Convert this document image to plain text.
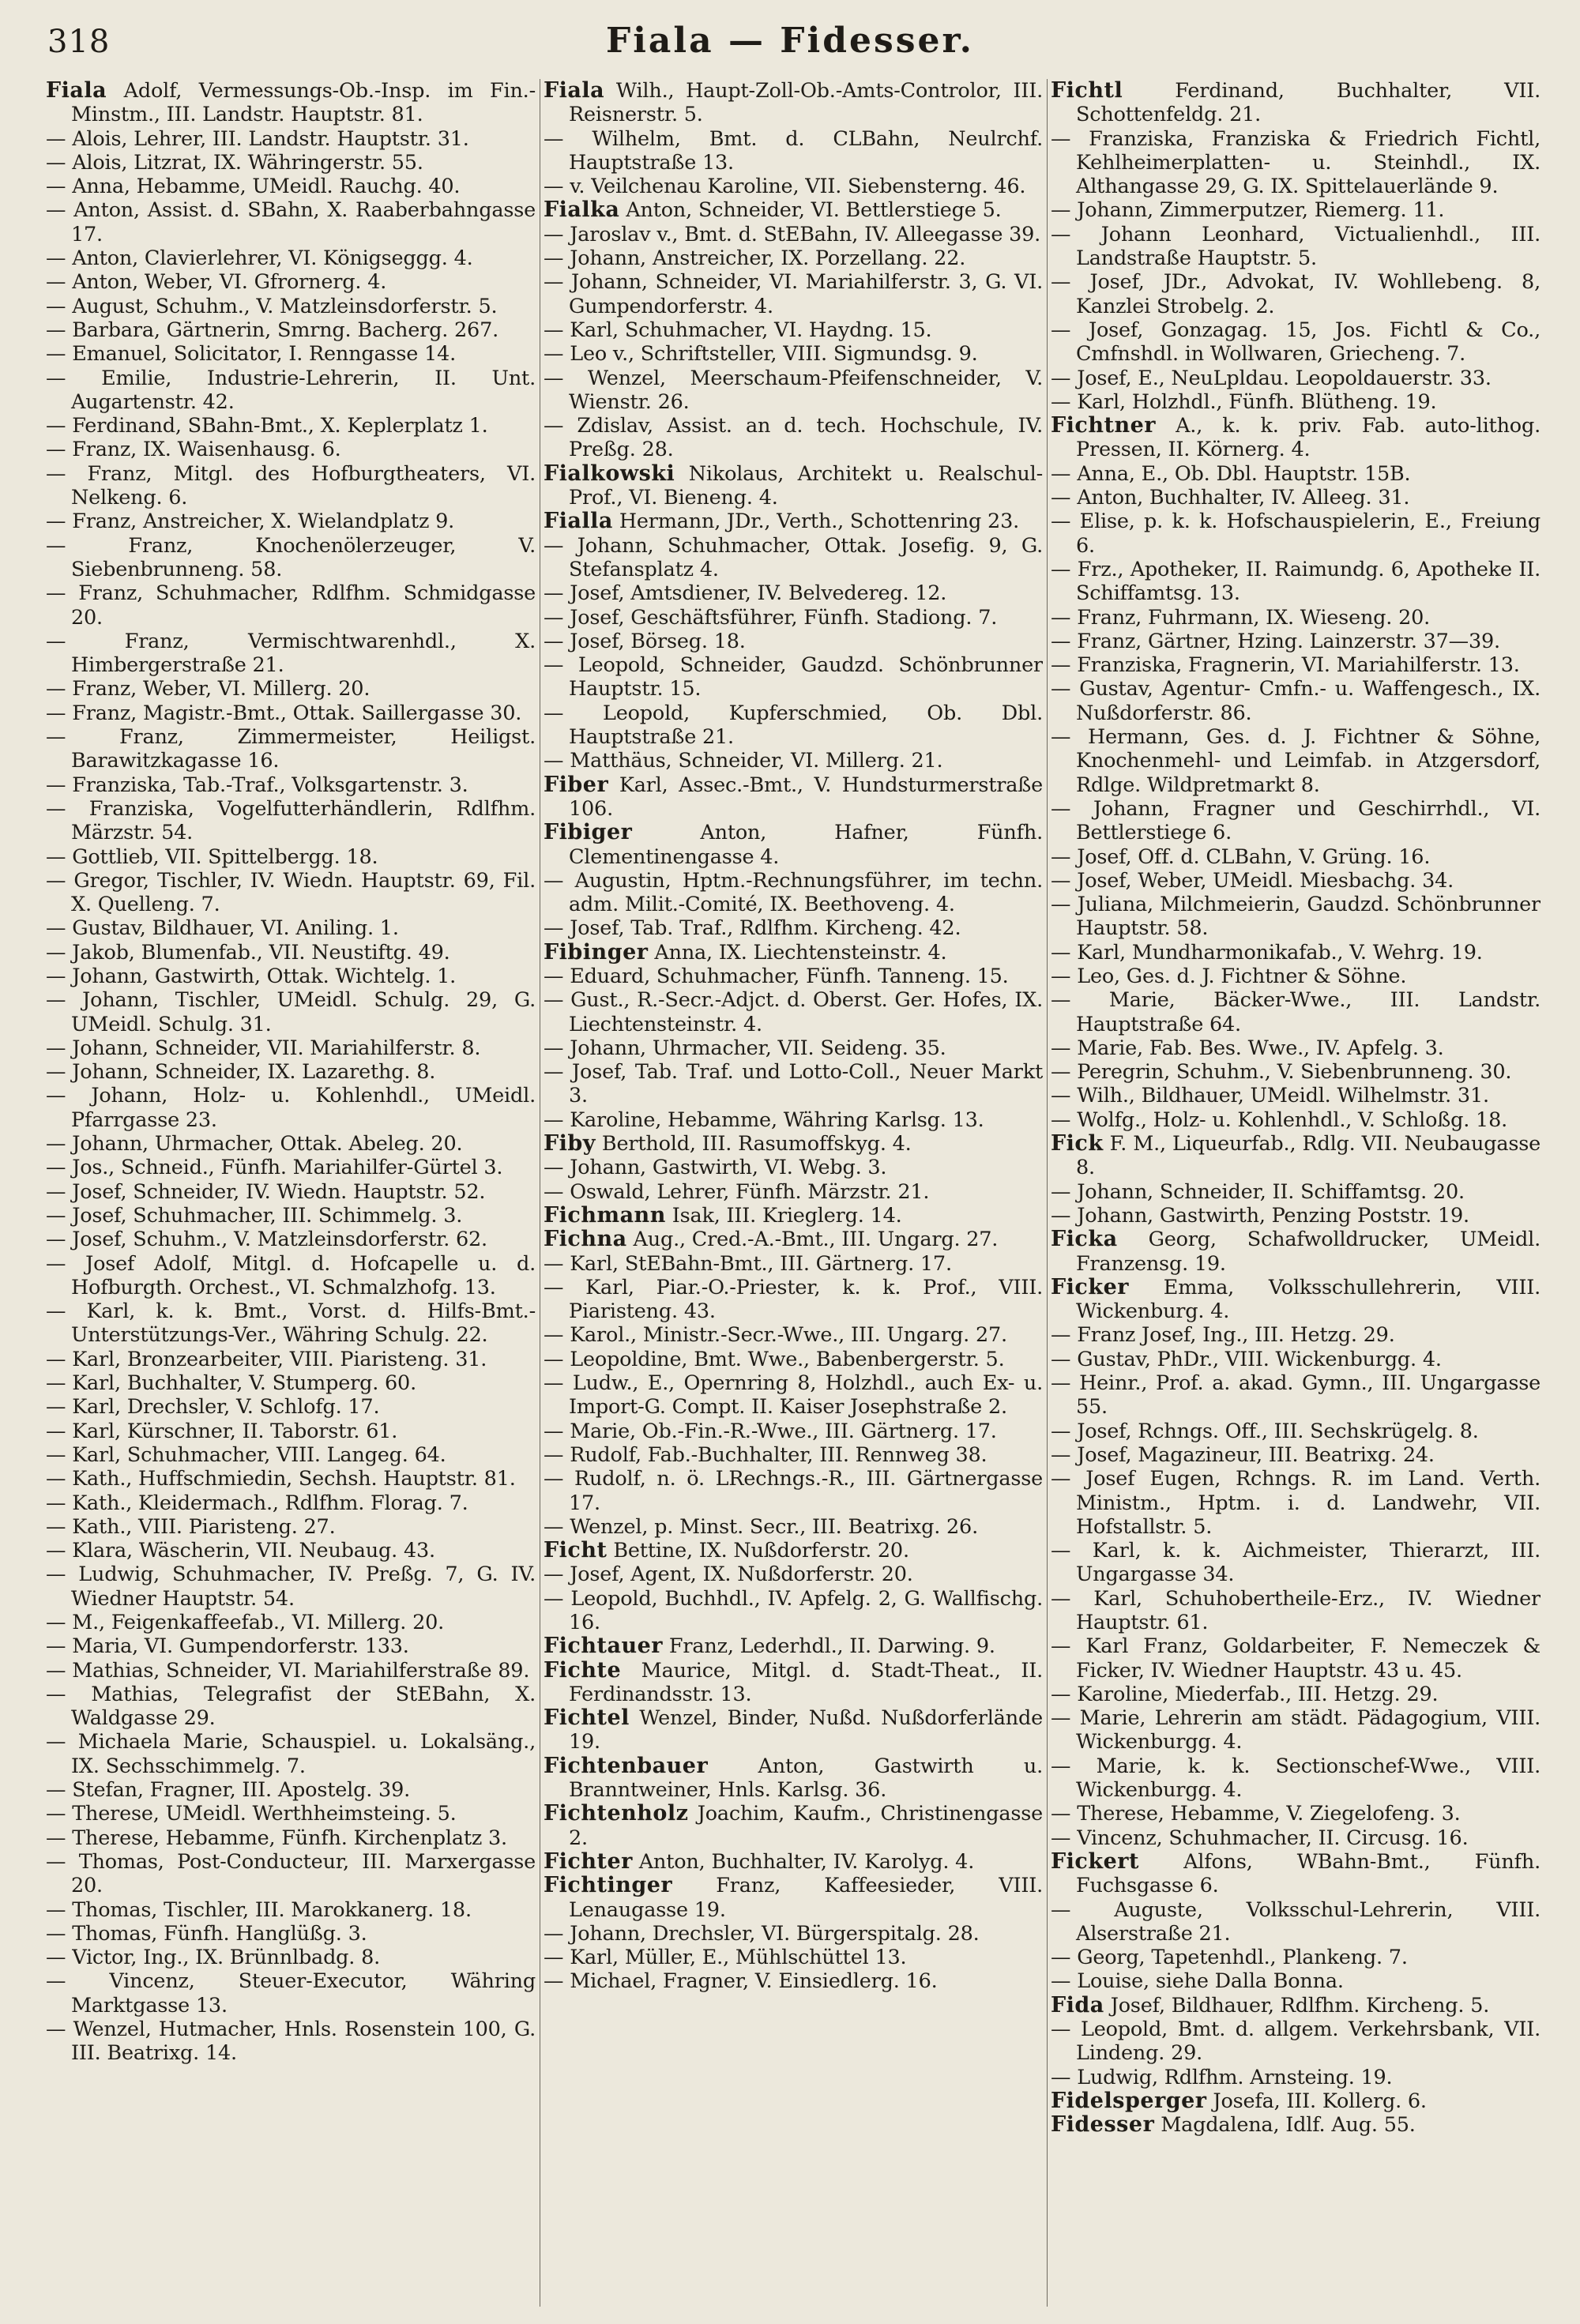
318	Fiala — Fidesser.
Fiala Adolf, Vermessungs-Ob.-Insp. im Fin.-Minstm., III. Landstr. Hauptstr. 81.
— Alois, Lehrer, III. Landstr. Hauptstr. 31.
— Alois, Litzrat, IX. Währingerstr. 55.
— Anna, Hebamme, UMeidl. Rauchg. 40.
— Anton, Assist. d. SBahn, X. Raaberbahngasse 17.
— Anton, Clavierlehrer, VI. Königseggg. 4.
— Anton, Weber, VI. Gfrornerg. 4.
— August, Schuhm., V. Matzleinsdorferstr. 5.
— Barbara, Gärtnerin, Smrng. Bacherg. 267.
— Emanuel, Solicitator, I. Renngasse 14.
— Emilie, Industrie-Lehrerin, II. Unt. Augartenstr. 42.
— Ferdinand, SBahn-Bmt., X. Keplerplatz 1.
— Franz, IX. Waisenhausg. 6.
— Franz, Mitgl. des Hofburgtheaters, VI. Nelkeng. 6.
— Franz, Anstreicher, X. Wielandplatz 9.
— Franz, Knochenölerzeuger, V. Siebenbrunneng. 58.
— Franz, Schuhmacher, Rdlfhm. Schmidgasse 20.
— Franz, Vermischtwarenhdl., X. Himbergerstraße 21.
— Franz, Weber, VI. Millerg. 20.
— Franz, Magistr.-Bmt., Ottak. Saillergasse 30.
— Franz, Zimmermeister, Heiligst. Barawitzkagasse 16.
— Franziska, Tab.-Traf., Volksgartenstr. 3.
— Franziska, Vogelfutterhändlerin, Rdlfhm. Märzstr. 54.
— Gottlieb, VII. Spittelbergg. 18.
— Gregor, Tischler, IV. Wiedn. Hauptstr. 69, Fil. X. Quelleng. 7.
— Gustav, Bildhauer, VI. Aniling. 1.
— Jakob, Blumenfab., VII. Neustiftg. 49.
— Johann, Gastwirth, Ottak. Wichtelg. 1.
— Johann, Tischler, UMeidl. Schulg. 29, G. UMeidl. Schulg. 31.
— Johann, Schneider, VII. Mariahilferstr. 8.
— Johann, Schneider, IX. Lazarethg. 8.
— Johann, Holz- u. Kohlenhdl., UMeidl. Pfarrgasse 23.
— Johann, Uhrmacher, Ottak. Abeleg. 20.
— Jos., Schneid., Fünfh. Mariahilfer-Gürtel 3.
— Josef, Schneider, IV. Wiedn. Hauptstr. 52.
— Josef, Schuhmacher, III. Schimmelg. 3.
— Josef, Schuhm., V. Matzleinsdorferstr. 62.
— Josef Adolf, Mitgl. d. Hofcapelle u. d. Hofburgth. Orchest., VI. Schmalzhofg. 13.
— Karl, k. k. Bmt., Vorst. d. Hilfs-Bmt.-Unterstützungs-Ver., Währing Schulg. 22.
— Karl, Bronzearbeiter, VIII. Piaristeng. 31.
— Karl, Buchhalter, V. Stumperg. 60.
— Karl, Drechsler, V. Schlofg. 17.
— Karl, Kürschner, II. Taborstr. 61.
— Karl, Schuhmacher, VIII. Langeg. 64.
— Kath., Huffschmiedin, Sechsh. Hauptstr. 81.
— Kath., Kleidermach., Rdlfhm. Florag. 7.
— Kath., VIII. Piaristeng. 27.
— Klara, Wäscherin, VII. Neubaug. 43.
— Ludwig, Schuhmacher, IV. Preßg. 7, G. IV. Wiedner Hauptstr. 54.
— M., Feigenkaffeefab., VI. Millerg. 20.
— Maria, VI. Gumpendorferstr. 133.
— Mathias, Schneider, VI. Mariahilferstraße 89.
— Mathias, Telegrafist der StEBahn, X. Waldgasse 29.
— Michaela Marie, Schauspiel. u. Lokalsäng., IX. Sechsschimmelg. 7.
— Stefan, Fragner, III. Apostelg. 39.
— Therese, UMeidl. Werthheimsteing. 5.
— Therese, Hebamme, Fünfh. Kirchenplatz 3.
— Thomas, Post-Conducteur, III. Marxergasse 20.
— Thomas, Tischler, III. Marokkanerg. 18.
— Thomas, Fünfh. Hanglüßg. 3.
— Victor, Ing., IX. Brünnlbadg. 8.
— Vincenz, Steuer-Executor, Währing Marktgasse 13.
— Wenzel, Hutmacher, Hnls. Rosenstein 100, G. III. Beatrixg. 14.
Fiala Wilh., Haupt-Zoll-Ob.-Amts-Controlor, III. Reisnerstr. 5.
— Wilhelm, Bmt. d. CLBahn, Neulrchf. Hauptstraße 13.
— v. Veilchenau Karoline, VII. Siebensterng. 46.
Fialka Anton, Schneider, VI. Bettlerstiege 5.
— Jaroslav v., Bmt. d. StEBahn, IV. Alleegasse 39.
— Johann, Anstreicher, IX. Porzellang. 22.
— Johann, Schneider, VI. Mariahilferstr. 3, G. VI. Gumpendorferstr. 4.
— Karl, Schuhmacher, VI. Haydng. 15.
— Leo v., Schriftsteller, VIII. Sigmundsg. 9.
— Wenzel, Meerschaum-Pfeifenschneider, V. Wienstr. 26.
— Zdislav, Assist. an d. tech. Hochschule, IV. Preßg. 28.
Fialkowski Nikolaus, Architekt u. Realschul-Prof., VI. Bieneng. 4.
Fialla Hermann, JDr., Verth., Schottenring 23.
— Johann, Schuhmacher, Ottak. Josefig. 9, G. Stefansplatz 4.
— Josef, Amtsdiener, IV. Belvedereg. 12.
— Josef, Geschäftsführer, Fünfh. Stadiong. 7.
— Josef, Börseg. 18.
— Leopold, Schneider, Gaudzd. Schönbrunner Hauptstr. 15.
— Leopold, Kupferschmied, Ob. Dbl. Hauptstraße 21.
— Matthäus, Schneider, VI. Millerg. 21.
Fiber Karl, Assec.-Bmt., V. Hundsturmerstraße 106.
Fibiger Anton, Hafner, Fünfh. Clementinengasse 4.
— Augustin, Hptm.-Rechnungsführer, im techn. adm. Milit.-Comité, IX. Beethoveng. 4.
— Josef, Tab. Traf., Rdlfhm. Kircheng. 42.
Fibinger Anna, IX. Liechtensteinstr. 4.
— Eduard, Schuhmacher, Fünfh. Tanneng. 15.
— Gust., R.-Secr.-Adjct. d. Oberst. Ger. Hofes, IX. Liechtensteinstr. 4.
— Johann, Uhrmacher, VII. Seideng. 35.
— Josef, Tab. Traf. und Lotto-Coll., Neuer Markt 3.
— Karoline, Hebamme, Währing Karlsg. 13.
Fiby Berthold, III. Rasumoffskyg. 4.
— Johann, Gastwirth, VI. Webg. 3.
— Oswald, Lehrer, Fünfh. Märzstr. 21.
Fichmann Isak, III. Krieglerg. 14.
Fichna Aug., Cred.-A.-Bmt., III. Ungarg. 27.
— Karl, StEBahn-Bmt., III. Gärtnerg. 17.
— Karl, Piar.-O.-Priester, k. k. Prof., VIII. Piaristeng. 43.
— Karol., Ministr.-Secr.-Wwe., III. Ungarg. 27.
— Leopoldine, Bmt. Wwe., Babenbergerstr. 5.
— Ludw., E., Opernring 8, Holzhdl., auch Ex- u. Import-G. Compt. II. Kaiser Josephstraße 2.
— Marie, Ob.-Fin.-R.-Wwe., III. Gärtnerg. 17.
— Rudolf, Fab.-Buchhalter, III. Rennweg 38.
— Rudolf, n. ö. LRechngs.-R., III. Gärtnergasse 17.
— Wenzel, p. Minst. Secr., III. Beatrixg. 26.
Ficht Bettine, IX. Nußdorferstr. 20.
— Josef, Agent, IX. Nußdorferstr. 20.
— Leopold, Buchhdl., IV. Apfelg. 2, G. Wallfischg. 16.
Fichtauer Franz, Lederhdl., II. Darwing. 9.
Fichte Maurice, Mitgl. d. Stadt-Theat., II. Ferdinandsstr. 13.
Fichtel Wenzel, Binder, Nußd. Nußdorferlände 19.
Fichtenbauer Anton, Gastwirth u. Branntweiner, Hnls. Karlsg. 36.
Fichtenholz Joachim, Kaufm., Christinengasse 2.
Fichter Anton, Buchhalter, IV. Karolyg. 4.
Fichtinger Franz, Kaffeesieder, VIII. Lenaugasse 19.
— Johann, Drechsler, VI. Bürgerspitalg. 28.
— Karl, Müller, E., Mühlschüttel 13.
— Michael, Fragner, V. Einsiedlerg. 16.
Fichtl Ferdinand, Buchhalter, VII. Schottenfeldg. 21.
— Franziska, Franziska & Friedrich Fichtl, Kehlheimerplatten- u. Steinhdl., IX. Althangasse 29, G. IX. Spittelauerlände 9.
— Johann, Zimmerputzer, Riemerg. 11.
— Johann Leonhard, Victualienhdl., III. Landstraße Hauptstr. 5.
— Josef, JDr., Advokat, IV. Wohllebeng. 8, Kanzlei Strobelg. 2.
— Josef, Gonzagag. 15, Jos. Fichtl & Co., Cmfnshdl. in Wollwaren, Griecheng. 7.
— Josef, E., NeuLpldau. Leopoldauerstr. 33.
— Karl, Holzhdl., Fünfh. Blütheng. 19.
Fichtner A., k. k. priv. Fab. auto-lithog. Pressen, II. Körnerg. 4.
— Anna, E., Ob. Dbl. Hauptstr. 15B.
— Anton, Buchhalter, IV. Alleeg. 31.
— Elise, p. k. k. Hofschauspielerin, E., Freiung 6.
— Frz., Apotheker, II. Raimundg. 6, Apotheke II. Schiffamtsg. 13.
— Franz, Fuhrmann, IX. Wieseng. 20.
— Franz, Gärtner, Hzing. Lainzerstr. 37—39.
— Franziska, Fragnerin, VI. Mariahilferstr. 13.
— Gustav, Agentur- Cmfn.- u. Waffengesch., IX. Nußdorferstr. 86.
— Hermann, Ges. d. J. Fichtner & Söhne, Knochenmehl- und Leimfab. in Atzgersdorf, Rdlge. Wildpretmarkt 8.
— Johann, Fragner und Geschirrhdl., VI. Bettlerstiege 6.
— Josef, Off. d. CLBahn, V. Grüng. 16.
— Josef, Weber, UMeidl. Miesbachg. 34.
— Juliana, Milchmeierin, Gaudzd. Schönbrunner Hauptstr. 58.
— Karl, Mundharmonikafab., V. Wehrg. 19.
— Leo, Ges. d. J. Fichtner & Söhne.
— Marie, Bäcker-Wwe., III. Landstr. Hauptstraße 64.
— Marie, Fab. Bes. Wwe., IV. Apfelg. 3.
— Peregrin, Schuhm., V. Siebenbrunneng. 30.
— Wilh., Bildhauer, UMeidl. Wilhelmstr. 31.
— Wolfg., Holz- u. Kohlenhdl., V. Schloßg. 18.
Fick F. M., Liqueurfab., Rdlg. VII. Neubaugasse 8.
— Johann, Schneider, II. Schiffamtsg. 20.
— Johann, Gastwirth, Penzing Poststr. 19.
Ficka Georg, Schafwolldrucker, UMeidl. Franzensg. 19.
Ficker Emma, Volksschullehrerin, VIII. Wickenburg. 4.
— Franz Josef, Ing., III. Hetzg. 29.
— Gustav, PhDr., VIII. Wickenburgg. 4.
— Heinr., Prof. a. akad. Gymn., III. Ungargasse 55.
— Josef, Rchngs. Off., III. Sechskrügelg. 8.
— Josef, Magazineur, III. Beatrixg. 24.
— Josef Eugen, Rchngs. R. im Land. Verth. Ministm., Hptm. i. d. Landwehr, VII. Hofstallstr. 5.
— Karl, k. k. Aichmeister, Thierarzt, III. Ungargasse 34.
— Karl, Schuhobertheile-Erz., IV. Wiedner Hauptstr. 61.
— Karl Franz, Goldarbeiter, F. Nemeczek & Ficker, IV. Wiedner Hauptstr. 43 u. 45.
— Karoline, Miederfab., III. Hetzg. 29.
— Marie, Lehrerin am städt. Pädagogium, VIII. Wickenburgg. 4.
— Marie, k. k. Sectionschef-Wwe., VIII. Wickenburgg. 4.
— Therese, Hebamme, V. Ziegelofeng. 3.
— Vincenz, Schuhmacher, II. Circusg. 16.
Fickert Alfons, WBahn-Bmt., Fünfh. Fuchsgasse 6.
— Auguste, Volksschul-Lehrerin, VIII. Alserstraße 21.
— Georg, Tapetenhdl., Plankeng. 7.
— Louise, siehe Dalla Bonna.
Fida Josef, Bildhauer, Rdlfhm. Kircheng. 5.
— Leopold, Bmt. d. allgem. Verkehrsbank, VII. Lindeng. 29.
— Ludwig, Rdlfhm. Arnsteing. 19.
Fidelsperger Josefa, III. Kollerg. 6.
Fidesser Magdalena, Idlf. Aug. 55.
